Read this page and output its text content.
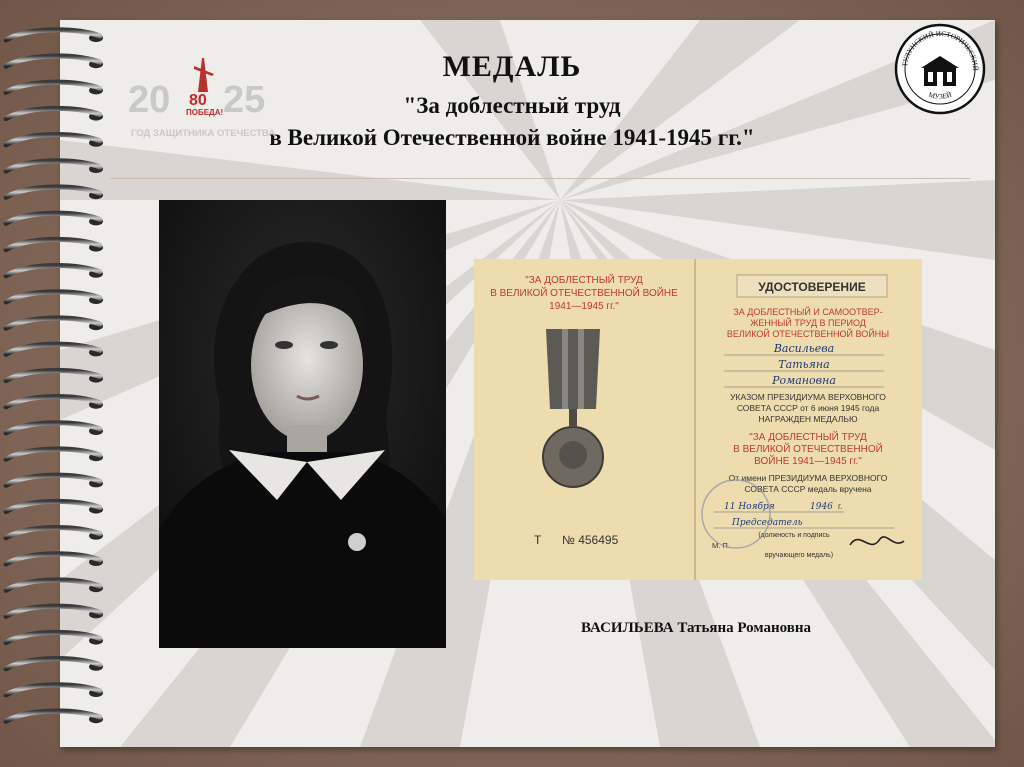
МЕДАЛЬ
"За доблестный труд
в Великой Отечественной войне 1941-1945 гг."
20 25
80
ПОБЕДА!
ГОД ЗАЩИТНИКА ОТЕЧЕСТВА
ТУЛУНСКИЙ ИСТОРИЧЕСКИЙ
МУЗЕЙ
"ЗА ДОБЛЕСТНЫЙ ТРУД
В ВЕЛИКОЙ ОТЕЧЕСТВЕННОЙ ВОЙНЕ
1941—1945 гг."
Т № 456495
УДОСТОВЕРЕНИЕ
ЗА ДОБЛЕСТНЫЙ И САМООТВЕР-
ЖЕННЫЙ ТРУД В ПЕРИОД
ВЕЛИКОЙ ОТЕЧЕСТВЕННОЙ ВОЙНЫ
Васильева
Татьяна
Романовна
УКАЗОМ ПРЕЗИДИУМА ВЕРХОВНОГО
СОВЕТА СССР от 6 июня 1945 года
НАГРАЖДЕН МЕДАЛЬЮ
"ЗА ДОБЛЕСТНЫЙ ТРУД
В ВЕЛИКОЙ ОТЕЧЕСТВЕННОЙ
ВОЙНЕ 1941—1945 гг."
От имени ПРЕЗИДИУМА ВЕРХОВНОГО
СОВЕТА СССР медаль вручена
11 Ноября	1946
Председатель
г.
(должность и подпись
вручающего медаль)
М. П.
ВАСИЛЬЕВА Татьяна Романовна
